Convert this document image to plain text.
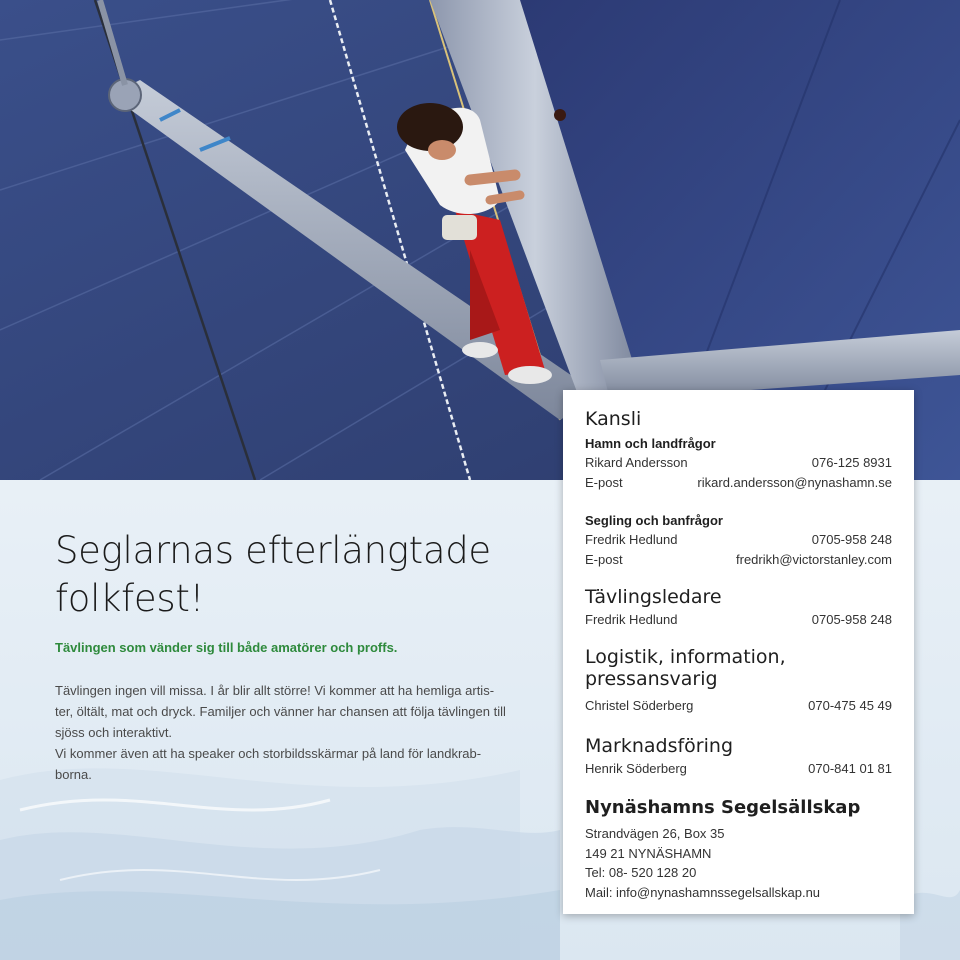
Seglarnas efterlängtade
folkfest!
Tävlingen som vänder sig till både amatörer och proffs.

Tävlingen ingen vill missa. I år blir allt större! Vi kommer att ha hemliga artis-ter, öltält, mat och dryck. Familjer och vänner har chansen att följa tävlingen till sjöss och interaktivt.

Vi kommer även att ha speaker och storbildsskärmar på land för landkrab-borna.

Kansli
Hamn och landfrågor
Rikard Andersson	076-125 8931
E-post	rikard.andersson@nynashamn.se
Segling och banfrågor
Fredrik Hedlund	0705-958 248
E-post	fredrikh@victorstanley.com
Tävlingsledare
Fredrik Hedlund	0705-958 248
Logistik, information,
pressansvarig
Christel Söderberg	070-475 45 49
Marknadsföring
Henrik Söderberg	070-841 01 81
Nynäshamns Segelsällskap
Strandvägen 26, Box 35
149 21 NYNÄSHAMN
Tel: 08- 520 128 20
Mail: info@nynashamnssegelsallskap.nu
